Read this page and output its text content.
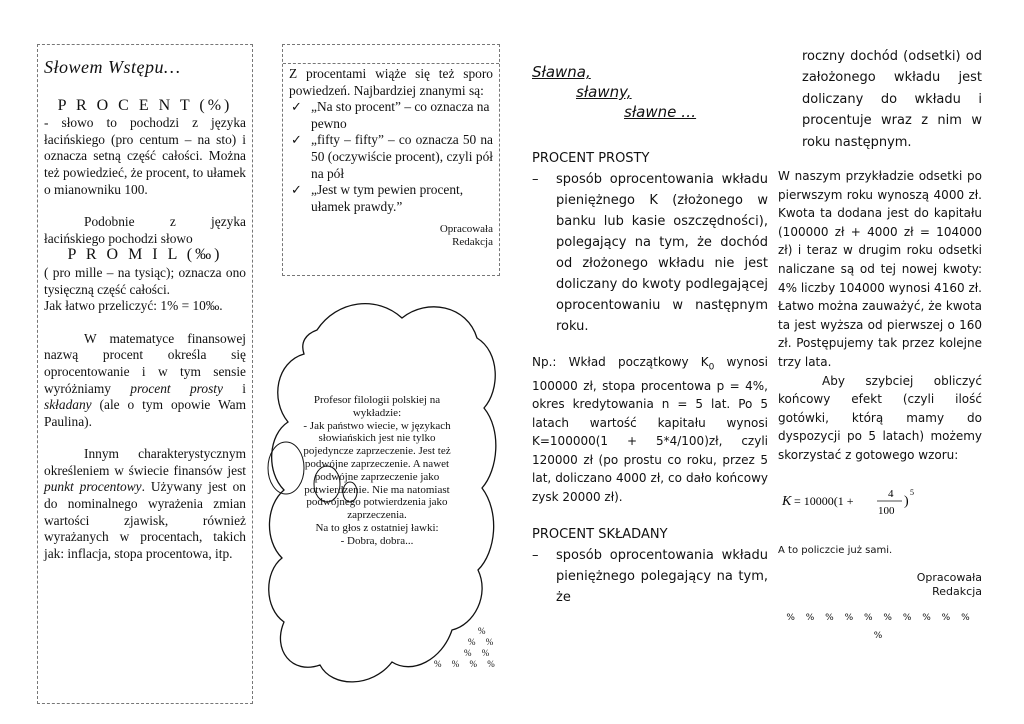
Słowem Wstępu…
P R O C E N T (%)

- słowo to pochodzi z języka łacińskiego (pro centum – na sto) i oznacza setną część całości. Można też powiedzieć, że procent, to ułamek o mianowniku 100.

Podobnie z języka łacińskiego pochodzi słowo

P R O M I L (‰)

( pro mille – na tysiąc); oznacza ono tysięczną część całości.

Jak łatwo przeliczyć: 1% = 10‰.

W matematyce finansowej nazwą procent określa się oprocentowanie i w tym sensie wyróżniamy procent prosty i składany (ale o tym opowie Wam Paulina).

Innym charakterystycznym określeniem w świecie finansów jest punkt procentowy. Używany jest on do nominalnego wyrażenia zmian wartości zjawisk, również wyrażanych w procentach, takich jak: inflacja, stopa procentowa, itp.

Z procentami wiąże się też sporo powiedzeń. Najbardziej znanymi są:

✓ „Na sto procent” – co oznacza na pewno
✓ „fifty – fifty” – co oznacza 50 na 50 (oczywiście procent), czyli pół na pół
✓ „Jest w tym pewien procent, ułamek prawdy.”
Opracowała
Redakcja
Profesor filologii polskiej na wykładzie:
- Jak państwo wiecie, w językach słowiańskich jest nie tylko pojedyncze zaprzeczenie. Jest też podwójne zaprzeczenie. A nawet podwójne zaprzeczenie jako potwierdzenie. Nie ma natomiast podwójnego potwierdzenia jako zaprzeczenia.
Na to głos z ostatniej ławki:
- Dobra, dobra...
%
% %
% %
% % % %
Sławna,
sławny,
sławne …
PROCENT PROSTY
– sposób oprocentowania wkładu pieniężnego K (złożonego w banku lub kasie oszczędności), polegający na tym, że dochód od złożonego wkładu nie jest doliczany do kwoty podlegającej oprocentowaniu w następnym roku.

Np.: Wkład początkowy $K_0$ wynosi 100000 zł, stopa procentowa p = 4%, okres kredytowania n = 5 lat. Po 5 latach wartość kapitału wynosi K=100000(1 + 5*4/100)zł, czyli 120000 zł (po prostu co roku, przez 5 lat, doliczano 4000 zł, co dało końcowy zysk 20000 zł).

PROCENT SKŁADANY
– sposób oprocentowania wkładu pieniężnego polegający na tym, że

roczny dochód (odsetki) od założonego wkładu jest doliczany do wkładu i procentuje wraz z nim w roku następnym.

W naszym przykładzie odsetki po pierwszym roku wynoszą 4000 zł. Kwota ta dodana jest do kapitału (100000 zł + 4000 zł = 104000 zł) i teraz w drugim roku odsetki naliczane są od tej nowej kwoty: 4% liczby 104000 wynosi 4160 zł. Łatwo można zauważyć, że kwota ta jest wyższa od pierwszej o 160 zł. Postępujemy tak przez kolejne trzy lata.

Aby szybciej obliczyć końcowy efekt (czyli ilość gotówki, którą mamy do dyspozycji po 5 latach) możemy skorzystać z gotowego wzoru:

K = 10000(1 +	4
100
)
5

A to policzcie już sami.

Opracowała
Redakcja
% % % % % % % % % % %
